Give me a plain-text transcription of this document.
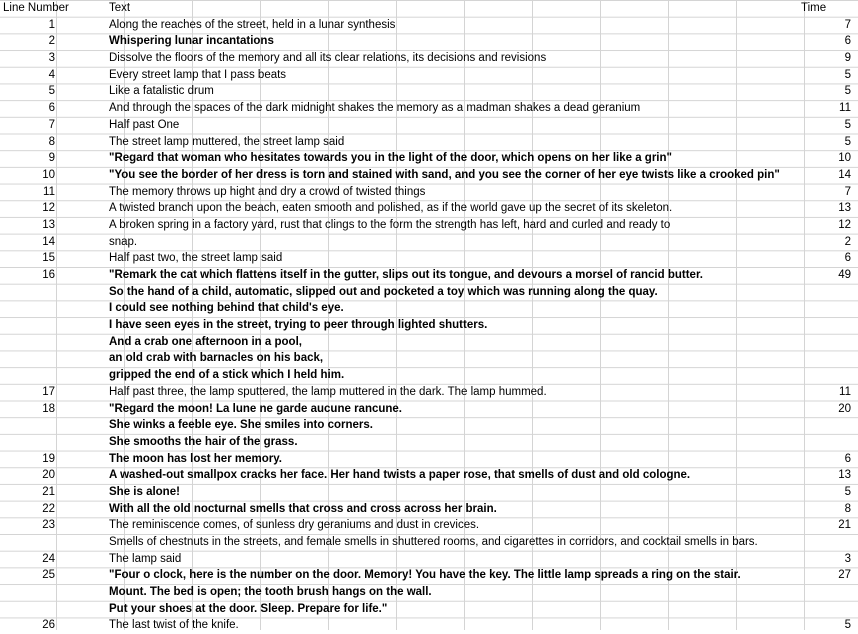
Line Number	Text	Time
1	Along the reaches of the street, held in a lunar synthesis	7
2	Whispering lunar incantations	6
3	Dissolve the floors of the memory and all its clear relations, its decisions and revisions	9
4	Every street lamp that I pass beats	5
5	Like a fatalistic drum	5
6	And through the spaces of the dark midnight shakes the memory as a madman shakes a dead geranium	11
7	Half past One	5
8	The street lamp muttered, the street lamp said	5
9	"Regard that woman who hesitates towards you in the light of the door, which opens on her like a grin"	10
10	"You see the border of her dress is torn and stained with sand, and you see the corner of her eye twists like a crooked pin"	14
11	The memory throws up hight and dry a crowd of twisted things	7
12	A twisted branch upon the beach, eaten smooth and polished, as if the world gave up the secret of its skeleton.	13
13	A broken spring in a factory yard, rust that clings to the form the strength has left, hard and curled and ready to	12
14	snap.	2
15	Half past two, the street lamp said	6
16	"Remark the cat which flattens itself in the gutter, slips out its tongue, and devours a morsel of rancid butter.	49
So the hand of a child, automatic, slipped out and pocketed a toy which was running along the quay.
I could see nothing behind that child's eye.
I have seen eyes in the street, trying to peer through lighted shutters.
And a crab one afternoon in a pool,
an old crab with barnacles on his back,
gripped the end of a stick which I held him.
17	Half past three, the lamp sputtered, the lamp muttered in the dark. The lamp hummed.	11
18	"Regard the moon! La lune ne garde aucune rancune.	20
She winks a feeble eye. She smiles into corners.
She smooths the hair of the grass.
19	The moon has lost her memory.	6
20	A washed-out smallpox cracks her face. Her hand twists a paper rose, that smells of dust and old cologne.	13
21	She is alone!	5
22	With all the old nocturnal smells that cross and cross across her brain.	8
23	The reminiscence comes, of sunless dry geraniums and dust in crevices.	21
Smells of chestnuts in the streets, and female smells in shuttered rooms, and cigarettes in corridors, and cocktail smells in bars.
24	The lamp said	3
25	"Four o clock, here is the number on the door. Memory! You have the key. The little lamp spreads a ring on the stair.	27
Mount. The bed is open; the tooth brush hangs on the wall.
Put your shoes at the door. Sleep. Prepare for life."
26	The last twist of the knife.	5
